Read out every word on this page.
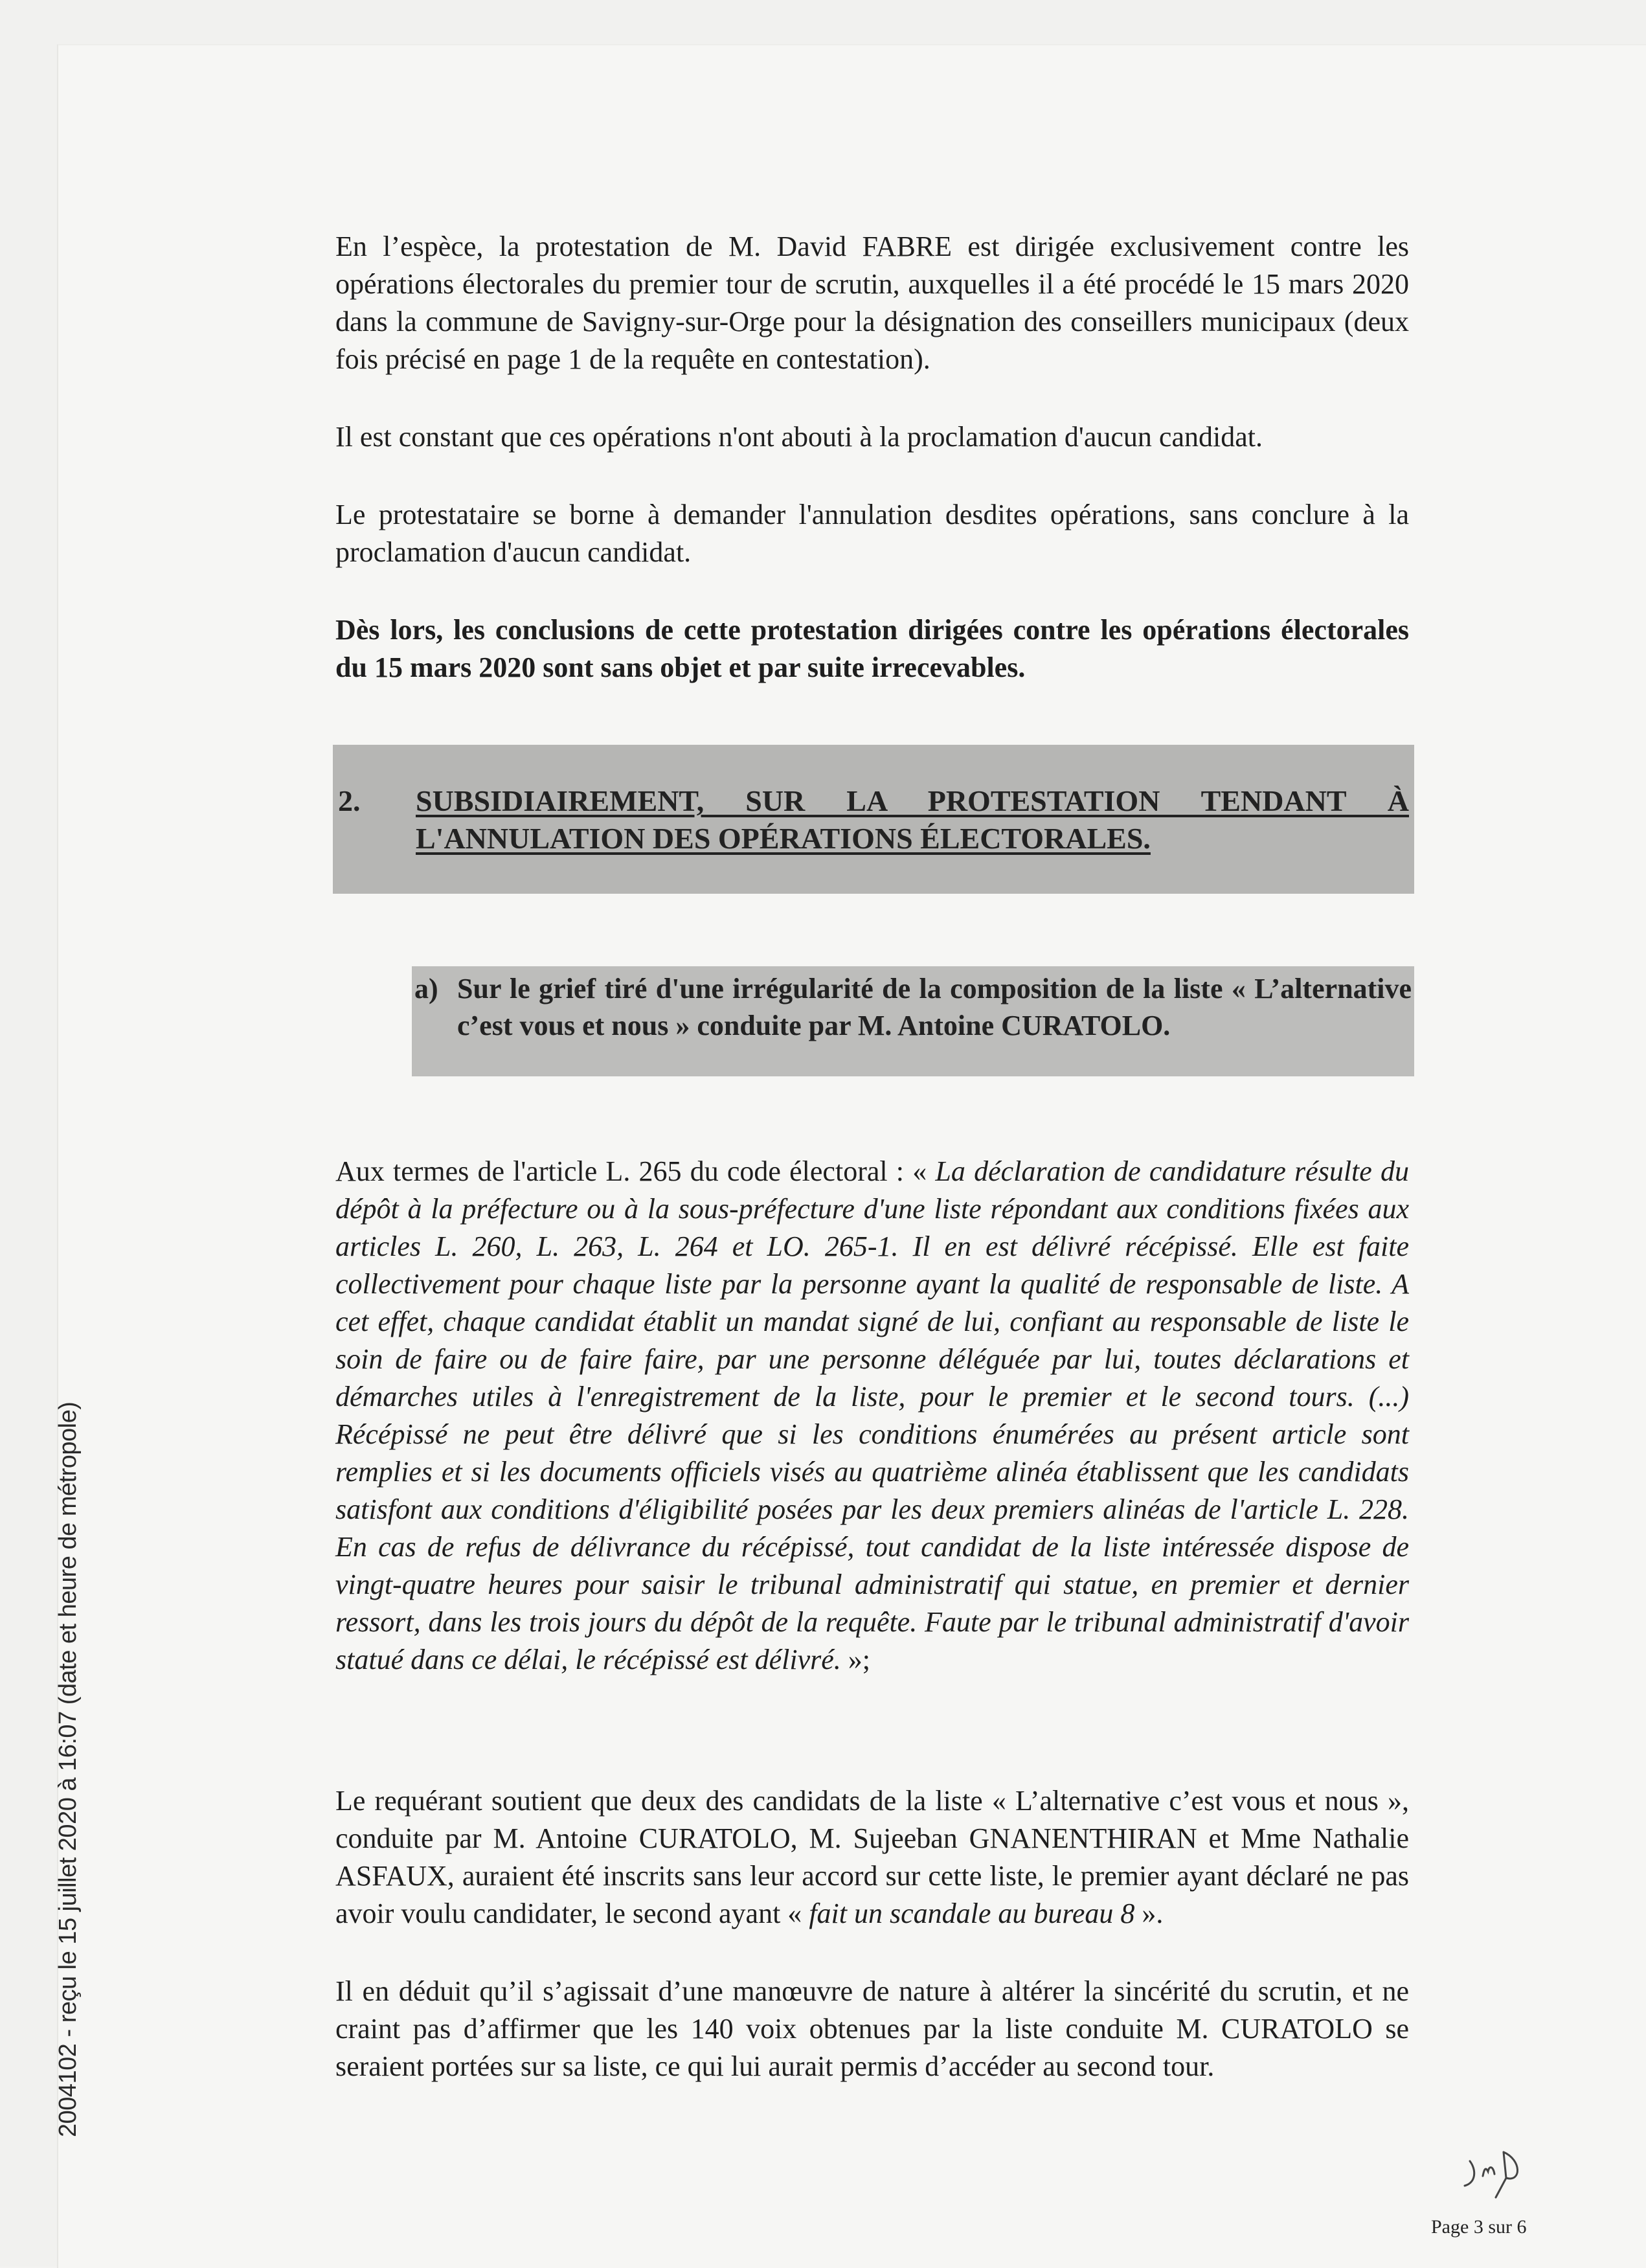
En l’espèce, la protestation de M. David FABRE est dirigée exclusivement contre les opérations électorales du premier tour de scrutin, auxquelles il a été procédé le 15 mars 2020 dans la commune de Savigny-sur-Orge pour la désignation des conseillers municipaux (deux fois précisé en page 1 de la requête en contestation).

Il est constant que ces opérations n'ont abouti à la proclamation d'aucun candidat.

Le protestataire se borne à demander l'annulation desdites opérations, sans conclure à la proclamation d'aucun candidat.

Dès lors, les conclusions de cette protestation dirigées contre les opérations électorales du 15 mars 2020 sont sans objet et par suite irrecevables.

2.	SUBSIDIAIREMENT, SUR LA PROTESTATION TENDANT À L'ANNULATION DES OPÉRATIONS ÉLECTORALES.
a) Sur le grief tiré d'une irrégularité de la composition de la liste « L’alternative c’est vous et nous » conduite par M. Antoine CURATOLO.

Aux termes de l'article L. 265 du code électoral : « La déclaration de candidature résulte du dépôt à la préfecture ou à la sous-préfecture d'une liste répondant aux conditions fixées aux articles L. 260, L. 263, L. 264 et LO. 265-1. Il en est délivré récépissé. Elle est faite collectivement pour chaque liste par la personne ayant la qualité de responsable de liste. A cet effet, chaque candidat établit un mandat signé de lui, confiant au responsable de liste le soin de faire ou de faire faire, par une personne déléguée par lui, toutes déclarations et démarches utiles à l'enregistrement de la liste, pour le premier et le second tours. (...) Récépissé ne peut être délivré que si les conditions énumérées au présent article sont remplies et si les documents officiels visés au quatrième alinéa établissent que les candidats satisfont aux conditions d'éligibilité posées par les deux premiers alinéas de l'article L. 228. En cas de refus de délivrance du récépissé, tout candidat de la liste intéressée dispose de vingt-quatre heures pour saisir le tribunal administratif qui statue, en premier et dernier ressort, dans les trois jours du dépôt de la requête. Faute par le tribunal administratif d'avoir statué dans ce délai, le récépissé est délivré. »;

Le requérant soutient que deux des candidats de la liste « L’alternative c’est vous et nous », conduite par M. Antoine CURATOLO, M. Sujeeban GNANENTHIRAN et Mme Nathalie ASFAUX, auraient été inscrits sans leur accord sur cette liste, le premier ayant déclaré ne pas avoir voulu candidater, le second ayant « fait un scandale au bureau 8 ».

Il en déduit qu’il s’agissait d’une manœuvre de nature à altérer la sincérité du scrutin, et ne craint pas d’affirmer que les 140 voix obtenues par la liste conduite M. CURATOLO se seraient portées sur sa liste, ce qui lui aurait permis d’accéder au second tour.

2004102 - reçu le 15 juillet 2020 à 16:07 (date et heure de métropole)
Page 3 sur 6
